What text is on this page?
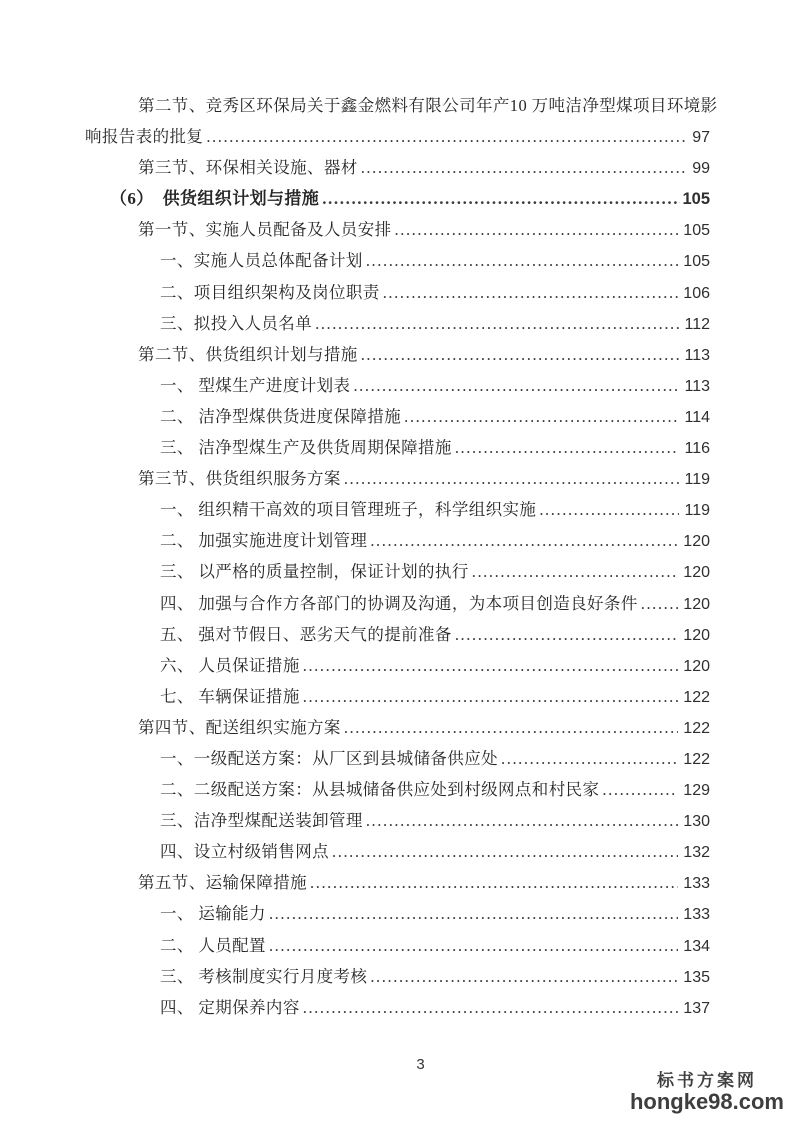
第二节、竞秀区环保局关于鑫金燃料有限公司年产10 万吨洁净型煤项目环境影
响报告表的批复 .....	97
第三节、环保相关设施、器材 .....	99
（6）　供货组织计划与措施 .....	105
第一节、实施人员配备及人员安排 .....	105
一、实施人员总体配备计划 .....	105
二、项目组织架构及岗位职责 .....	106
三、拟投入人员名单 .....	112
第二节、供货组织计划与措施 .....	113
一、 型煤生产进度计划表 .....	113
二、 洁净型煤供货进度保障措施 .....	114
三、 洁净型煤生产及供货周期保障措施 .....	116
第三节、供货组织服务方案 .....	119
一、 组织精干高效的项目管理班子，科学组织实施 .....	119
二、 加强实施进度计划管理 .....	120
三、 以严格的质量控制，保证计划的执行 .....	120
四、 加强与合作方各部门的协调及沟通，为本项目创造良好条件 .....	120
五、 强对节假日、恶劣天气的提前准备 .....	120
六、 人员保证措施 .....	120
七、 车辆保证措施 .....	122
第四节、配送组织实施方案 .....	122
一、一级配送方案：从厂区到县城储备供应处 .....	122
二、二级配送方案：从县城储备供应处到村级网点和村民家 .....	129
三、洁净型煤配送装卸管理 .....	130
四、设立村级销售网点 .....	132
第五节、运输保障措施 .....	133
一、 运输能力 .....	133
二、 人员配置 .....	134
三、 考核制度实行月度考核 .....	135
四、 定期保养内容 .....	137
3
标书方案网
hongke98.com
